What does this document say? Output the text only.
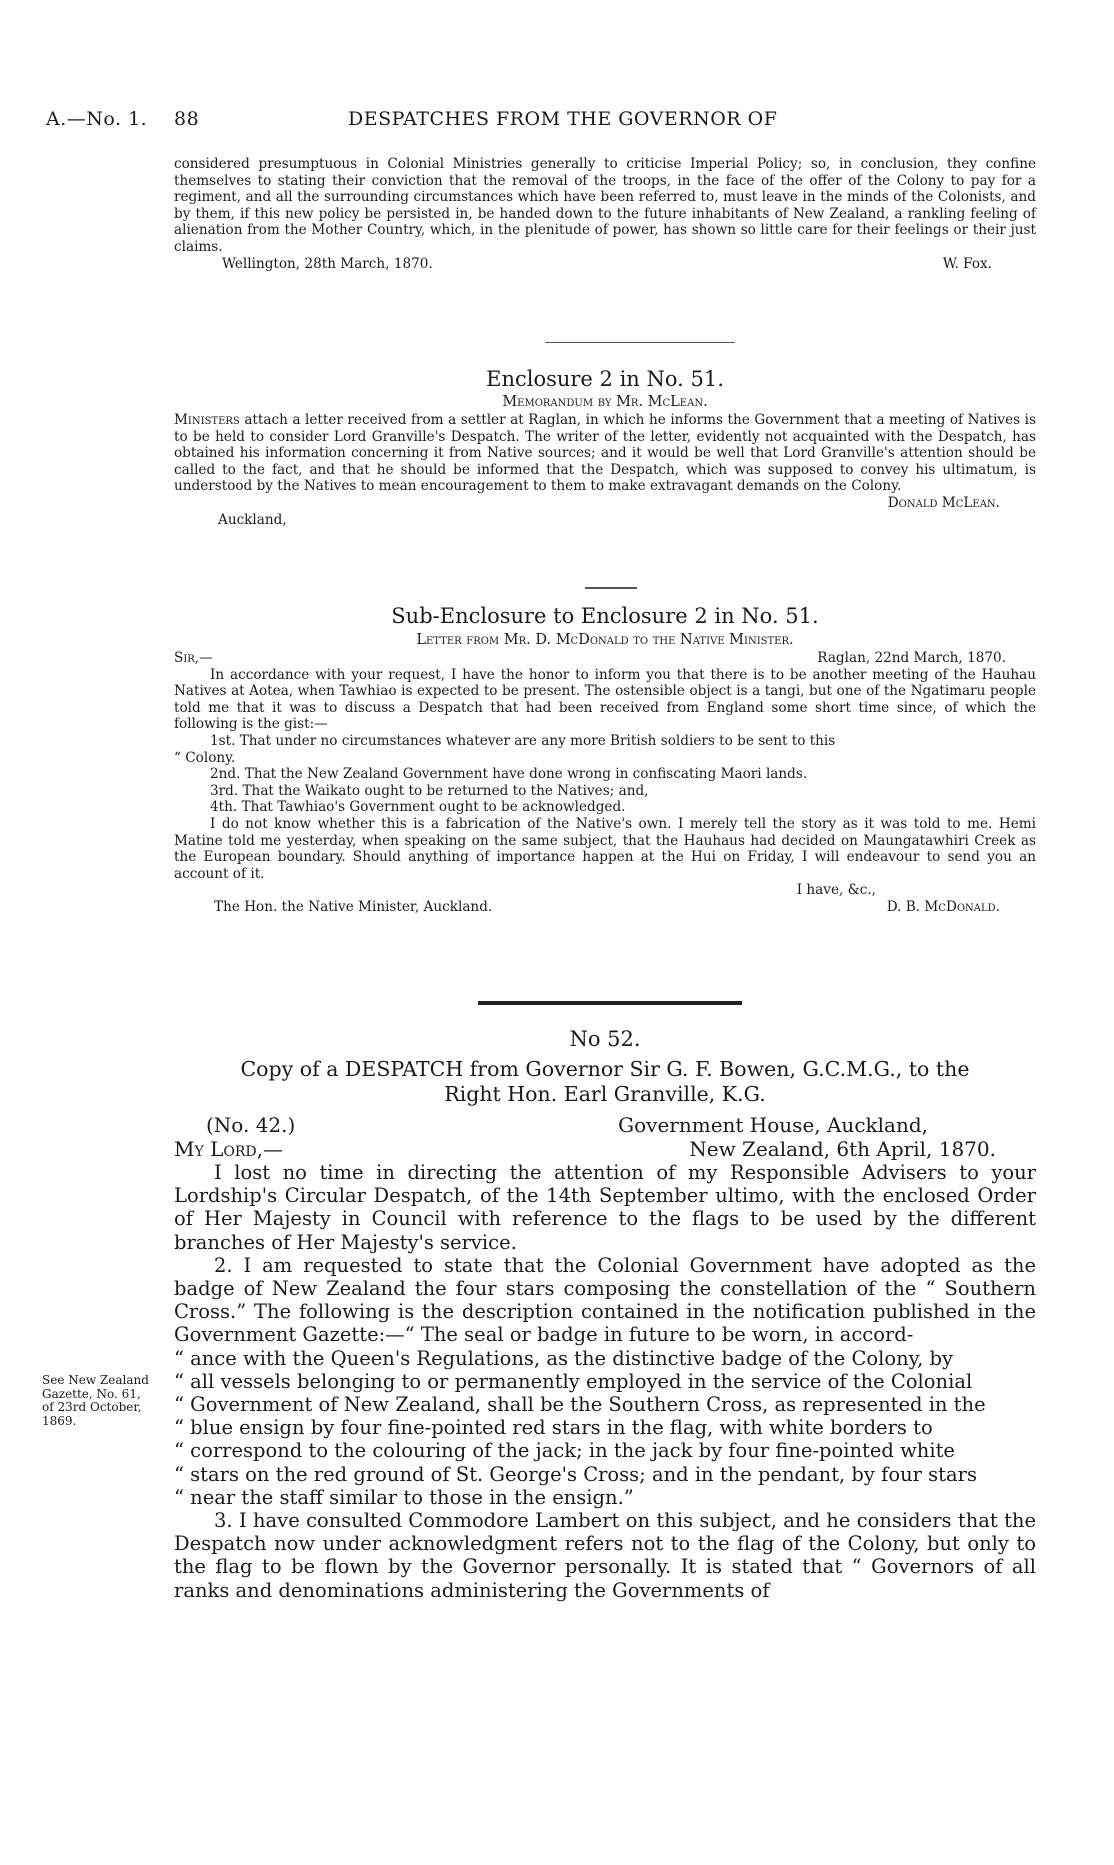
A.—No. 1. 88	DESPATCHES FROM THE GOVERNOR OF

considered presumptuous in Colonial Ministries generally to criticise Imperial Policy; so, in conclusion, they confine themselves to stating their conviction that the removal of the troops, in the face of the offer of the Colony to pay for a regiment, and all the surrounding circumstances which have been referred to, must leave in the minds of the Colonists, and by them, if this new policy be persisted in, be handed down to the future inhabitants of New Zealand, a rankling feeling of alienation from the Mother Country, which, in the plenitude of power, has shown so little care for their feelings or their just claims.

Wellington, 28th March, 1870.	W. Fox.
Enclosure 2 in No. 51.
Memorandum by Mr. McLean.

Ministers attach a letter received from a settler at Raglan, in which he informs the Government that a meeting of Natives is to be held to consider Lord Granville's Despatch. The writer of the letter, evidently not acquainted with the Despatch, has obtained his information concerning it from Native sources; and it would be well that Lord Granville's attention should be called to the fact, and that he should be informed that the Despatch, which was supposed to convey his ultimatum, is understood by the Natives to mean encouragement to them to make extravagant demands on the Colony.

Donald McLean.
Auckland,
Sub-Enclosure to Enclosure 2 in No. 51.
Letter from Mr. D. McDonald to the Native Minister.
Sir,—	Raglan, 22nd March, 1870.

In accordance with your request, I have the honor to inform you that there is to be another meeting of the Hauhau Natives at Aotea, when Tawhiao is expected to be present. The ostensible object is a tangi, but one of the Ngatimaru people told me that it was to discuss a Despatch that had been received from England some short time since, of which the following is the gist:—

1st. That under no circumstances whatever are any more British soldiers to be sent to this

“ Colony.

2nd. That the New Zealand Government have done wrong in confiscating Maori lands.

3rd. That the Waikato ought to be returned to the Natives; and,

4th. That Tawhiao's Government ought to be acknowledged.

I do not know whether this is a fabrication of the Native's own. I merely tell the story as it was told to me. Hemi Matine told me yesterday, when speaking on the same subject, that the Hauhaus had decided on Maungatawhiri Creek as the European boundary. Should anything of importance happen at the Hui on Friday, I will endeavour to send you an account of it.

I have, &c.,
The Hon. the Native Minister, Auckland.	D. B. McDonald.
No 52.
Copy of a DESPATCH from Governor Sir G. F. Bowen, G.C.M.G., to the
Right Hon. Earl Granville, K.G.
(No. 42.)	Government House, Auckland,
My Lord,—	New Zealand, 6th April, 1870.

I lost no time in directing the attention of my Responsible Advisers to your Lordship's Circular Despatch, of the 14th September ultimo, with the enclosed Order of Her Majesty in Council with reference to the flags to be used by the different branches of Her Majesty's service.

2. I am requested to state that the Colonial Government have adopted as the badge of New Zealand the four stars composing the constellation of the “ Southern Cross.” The following is the description contained in the notification published in the Government Gazette:—“ The seal or badge in future to be worn, in accord-

“ ance with the Queen's Regulations, as the distinctive badge of the Colony, by

“ all vessels belonging to or permanently employed in the service of the Colonial

“ Government of New Zealand, shall be the Southern Cross, as represented in the

“ blue ensign by four fine-pointed red stars in the flag, with white borders to

“ correspond to the colouring of the jack; in the jack by four fine-pointed white

“ stars on the red ground of St. George's Cross; and in the pendant, by four stars

“ near the staff similar to those in the ensign.”

3. I have consulted Commodore Lambert on this subject, and he considers that the Despatch now under acknowledgment refers not to the flag of the Colony, but only to the flag to be flown by the Governor personally. It is stated that “ Governors of all ranks and denominations administering the Governments of

See New Zealand
Gazette, No. 61,
of 23rd October,
1869.
